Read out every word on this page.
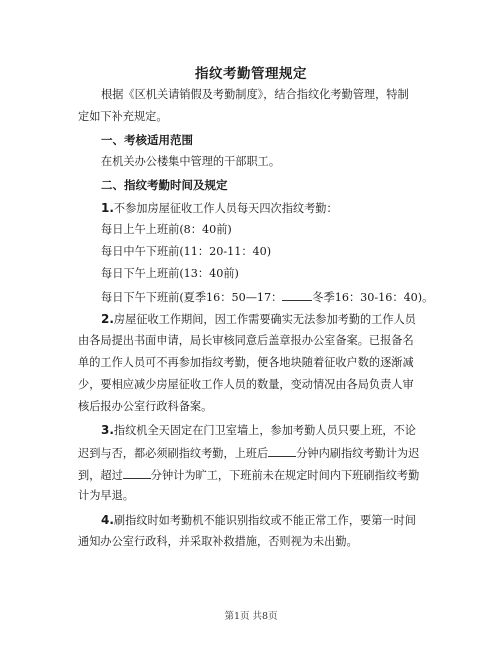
指纹考勤管理规定
根据《区机关请销假及考勤制度》，结合指纹化考勤管理，特制
定如下补充规定。
一、考核适用范围
在机关办公楼集中管理的干部职工。
二、指纹考勤时间及规定
1.不参加房屋征收工作人员每天四次指纹考勤：
每日上午上班前(8：40前)
每日中午下班前(11：20-11：40)
每日下午上班前(13：40前)
每日下午下班前(夏季16：50—17：	冬季16：30-16：40)。
2.房屋征收工作期间，因工作需要确实无法参加考勤的工作人员
由各局提出书面申请，局长审核同意后盖章报办公室备案。已报备名
单的工作人员可不再参加指纹考勤，便各地块随着征收户数的逐渐减
少，要相应减少房屋征收工作人员的数量，变动情况由各局负责人审
核后报办公室行政科备案。
3.指纹机全天固定在门卫室墙上，参加考勤人员只要上班，不论
迟到与否，都必须刷指纹考勤，上班后	分钟内刷指纹考勤计为迟
到，超过	分钟计为旷工，下班前未在规定时间内下班刷指纹考勤
计为早退。
4.刷指纹时如考勤机不能识别指纹或不能正常工作，要第一时间
通知办公室行政科，并采取补救措施，否则视为未出勤。
第1页 共8页
